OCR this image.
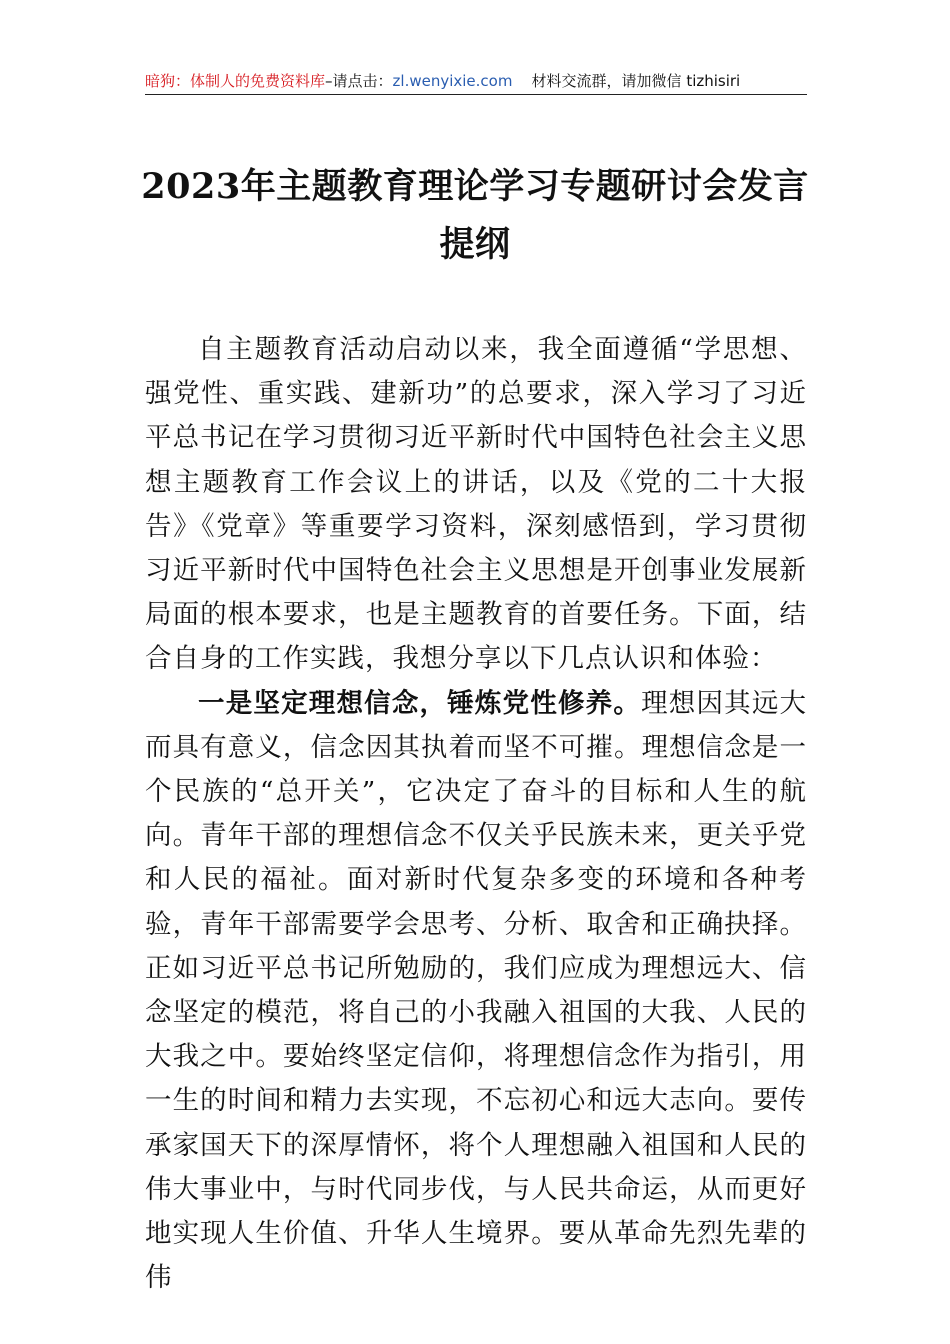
暗狗：体制人的免费资料库–请点击：zl.wenyixie.com 材料交流群，请加微信 tizhisiri
2023年主题教育理论学习专题研讨会发言
提纲

自主题教育活动启动以来，我全面遵循“学思想、强党性、重实践、建新功”的总要求，深入学习了习近平总书记在学习贯彻习近平新时代中国特色社会主义思想主题教育工作会议上的讲话，以及《党的二十大报告》《党章》等重要学习资料，深刻感悟到，学习贯彻习近平新时代中国特色社会主义思想是开创事业发展新局面的根本要求，也是主题教育的首要任务。下面，结合自身的工作实践，我想分享以下几点认识和体验：

一是坚定理想信念，锤炼党性修养。理想因其远大而具有意义，信念因其执着而坚不可摧。理想信念是一个民族的“总开关”，它决定了奋斗的目标和人生的航向。青年干部的理想信念不仅关乎民族未来，更关乎党和人民的福祉。面对新时代复杂多变的环境和各种考验，青年干部需要学会思考、分析、取舍和正确抉择。正如习近平总书记所勉励的，我们应成为理想远大、信念坚定的模范，将自己的小我融入祖国的大我、人民的大我之中。要始终坚定信仰，将理想信念作为指引，用一生的时间和精力去实现，不忘初心和远大志向。要传承家国天下的深厚情怀，将个人理想融入祖国和人民的伟大事业中，与时代同步伐，与人民共命运，从而更好地实现人生价值、升华人生境界。要从革命先烈先辈的伟
